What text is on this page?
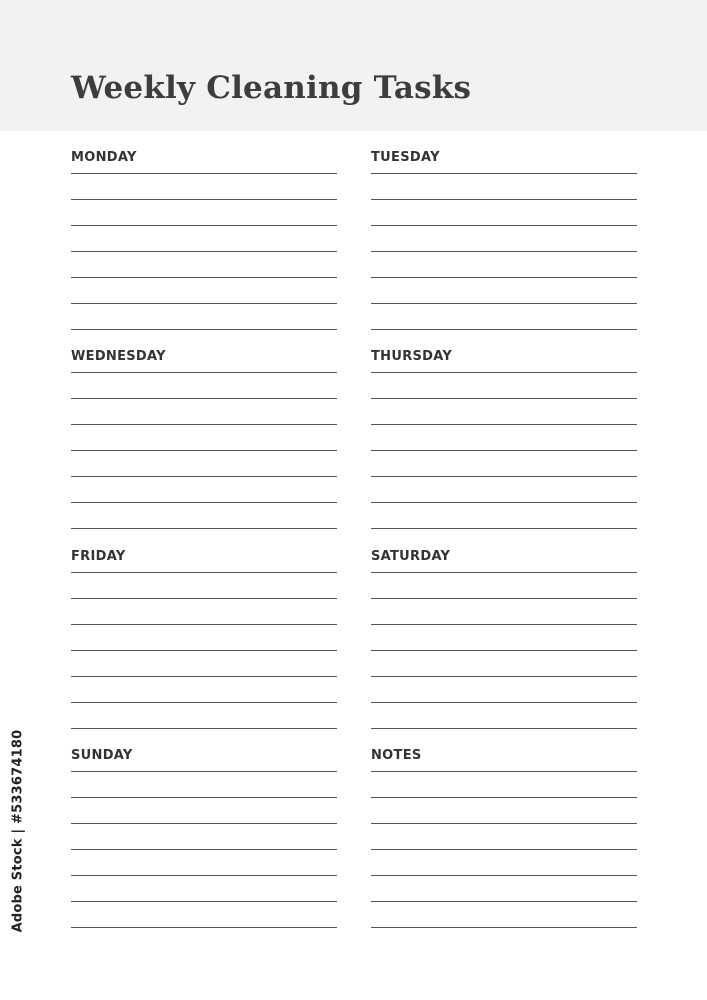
Weekly Cleaning Tasks
MONDAY	TUESDAY
WEDNESDAY	THURSDAY
FRIDAY	SATURDAY
SUNDAY	NOTES
Adobe Stock | #533674180
